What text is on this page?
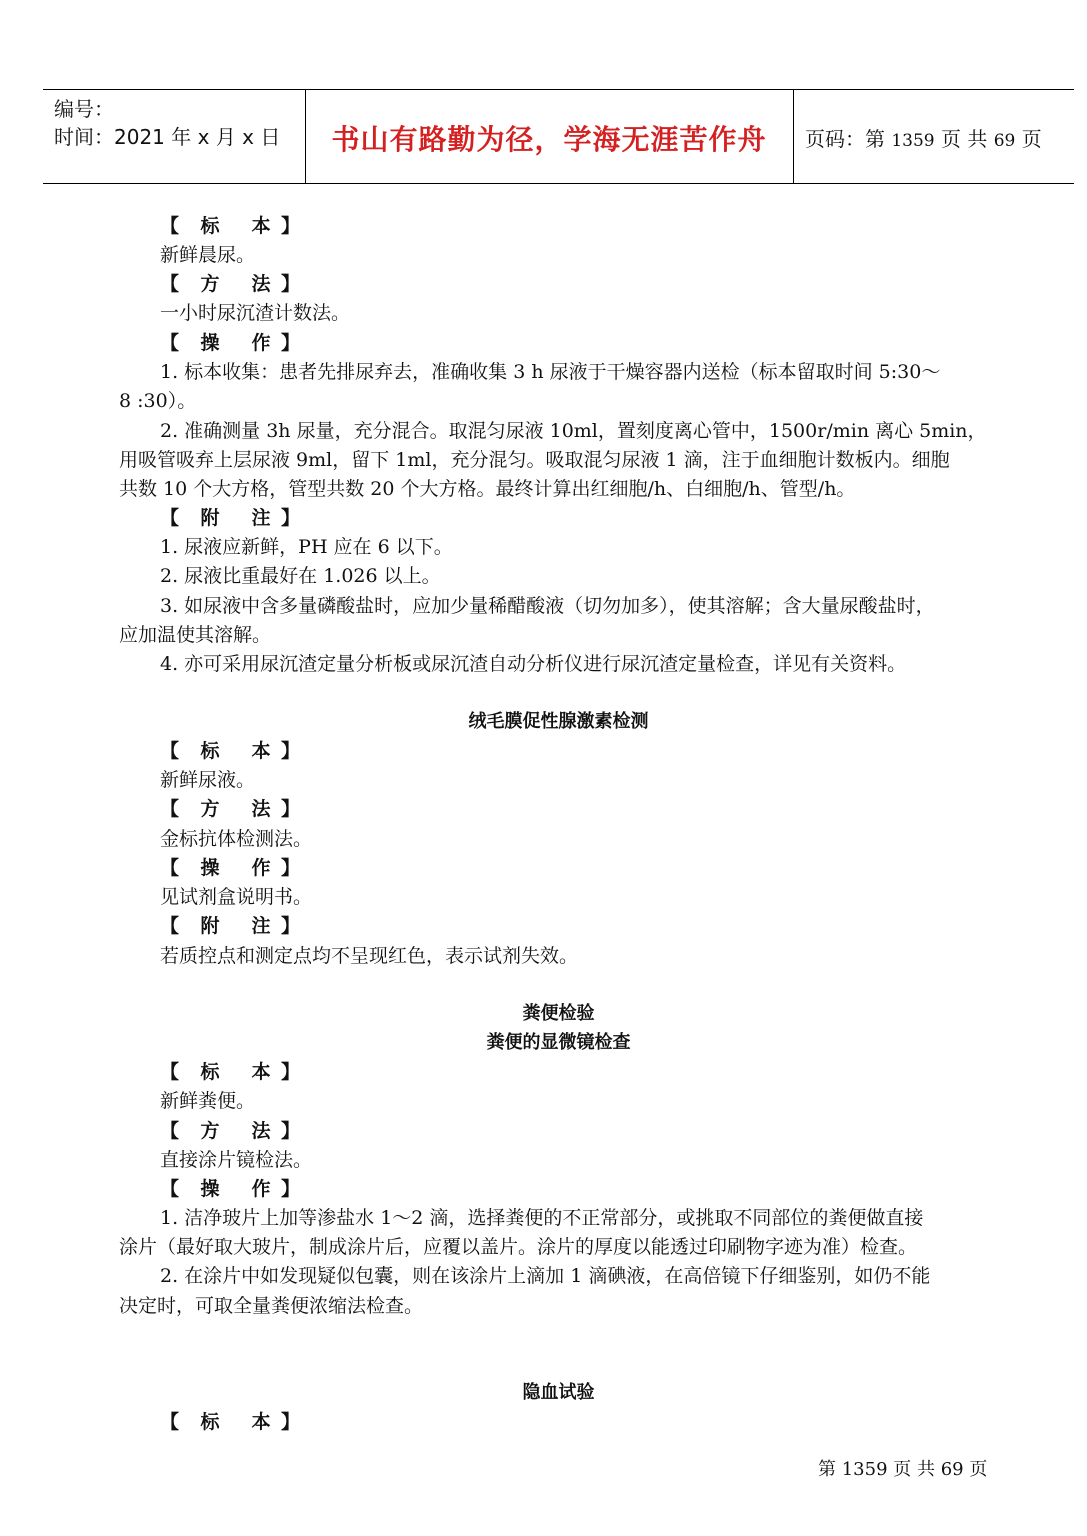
编号：
时间：2021 年 x 月 x 日	书山有路勤为径，学海无涯苦作舟	页码：第 1359 页 共 69 页
【 标 本 】
新鲜晨尿。
【 方 法 】
一小时尿沉渣计数法。
【 操 作 】
1. 标本收集：患者先排尿弃去，准确收集 3 h 尿液于干燥容器内送检（标本留取时间 5:30～
8 :30）。
2. 准确测量 3h 尿量，充分混合。取混匀尿液 10ml，置刻度离心管中，1500r/min 离心 5min，
用吸管吸弃上层尿液 9ml，留下 1ml，充分混匀。吸取混匀尿液 1 滴，注于血细胞计数板内。细胞
共数 10 个大方格，管型共数 20 个大方格。最终计算出红细胞/h、白细胞/h、管型/h。
【 附 注 】
1. 尿液应新鲜，PH 应在 6 以下。
2. 尿液比重最好在 1.026 以上。
3. 如尿液中含多量磷酸盐时，应加少量稀醋酸液（切勿加多），使其溶解；含大量尿酸盐时，
应加温使其溶解。
4. 亦可采用尿沉渣定量分析板或尿沉渣自动分析仪进行尿沉渣定量检查，详见有关资料。
绒毛膜促性腺激素检测
【 标 本 】
新鲜尿液。
【 方 法 】
金标抗体检测法。
【 操 作 】
见试剂盒说明书。
【 附 注 】
若质控点和测定点均不呈现红色，表示试剂失效。
粪便检验
粪便的显微镜检查
【 标 本 】
新鲜粪便。
【 方 法 】
直接涂片镜检法。
【 操 作 】
1. 洁净玻片上加等渗盐水 1～2 滴，选择粪便的不正常部分，或挑取不同部位的粪便做直接
涂片（最好取大玻片，制成涂片后，应覆以盖片。涂片的厚度以能透过印刷物字迹为准）检查。
2. 在涂片中如发现疑似包囊，则在该涂片上滴加 1 滴碘液，在高倍镜下仔细鉴别，如仍不能
决定时，可取全量粪便浓缩法检查。
隐血试验
【 标 本 】
第 1359 页 共 69 页
